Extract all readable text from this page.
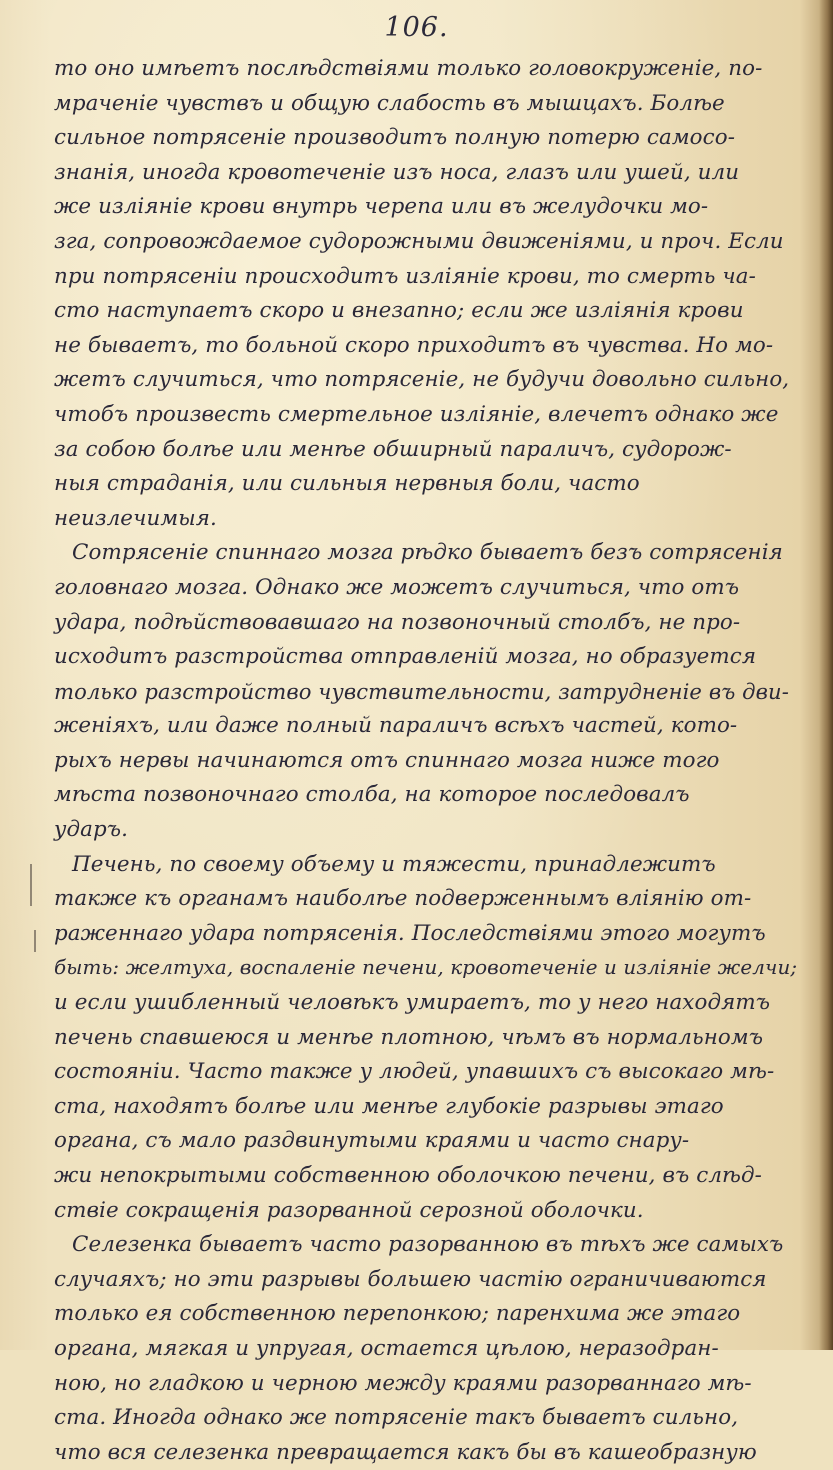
106.
то оно имѣетъ послѣдствіями только головокруженіе, по-
мраченіе чувствъ и общую слабость въ мышцахъ. Болѣе
сильное потрясеніе производитъ полную потерю самосо-
знанія, иногда кровотеченіе изъ носа, глазъ или ушей, или
же изліяніе крови внутрь черепа или въ желудочки мо-
зга, сопровождаемое судорожными движеніями, и проч. Если
при потрясеніи происходитъ изліяніе крови, то смерть ча-
сто наступаетъ скоро и внезапно; если же изліянія крови
не бываетъ, то больной скоро приходитъ въ чувства. Но мо-
жетъ случиться, что потрясеніе, не будучи довольно сильно,
чтобъ произвесть смертельное изліяніе, влечетъ однако же
за собою болѣе или менѣе обширный параличъ, судорож-
ныя страданія, или сильныя нервныя боли, часто
неизлечимыя.
Сотрясеніе спиннаго мозга рѣдко бываетъ безъ сотрясенія
головнаго мозга. Однако же можетъ случиться, что отъ
удара, подѣйствовавшаго на позвоночный столбъ, не про-
исходитъ разстройства отправленій мозга, но образуется
только разстройство чувствительности, затрудненіе въ дви-
женіяхъ, или даже полный параличъ всѣхъ частей, кото-
рыхъ нервы начинаются отъ спиннаго мозга ниже того
мѣста позвоночнаго столба, на которое последовалъ
ударъ.
Печень, по своему объему и тяжести, принадлежитъ
также къ органамъ наиболѣе подверженнымъ вліянію от-
раженнаго удара потрясенія. Последствіями этого могутъ
быть: желтуха, воспаленіе печени, кровотеченіе и изліяніе желчи;
и если ушибленный человѣкъ умираетъ, то у него находятъ
печень спавшеюся и менѣе плотною, чѣмъ въ нормальномъ
состояніи. Часто также у людей, упавшихъ съ высокаго мѣ-
ста, находятъ болѣе или менѣе глубокіе разрывы этаго
органа, съ мало раздвинутыми краями и часто снару-
жи непокрытыми собственною оболочкою печени, въ слѣд-
ствіе сокращенія разорванной серозной оболочки.
Селезенка бываетъ часто разорванною въ тѣхъ же самыхъ
случаяхъ; но эти разрывы большею частію ограничиваются
только ея собственною перепонкою; паренхима же этаго
органа, мягкая и упругая, остается цѣлою, неразодран-
ною, но гладкою и черною между краями разорваннаго мѣ-
ста. Иногда однако же потрясеніе такъ бываетъ сильно,
что вся селезенка превращается какъ бы въ кашеобразную
